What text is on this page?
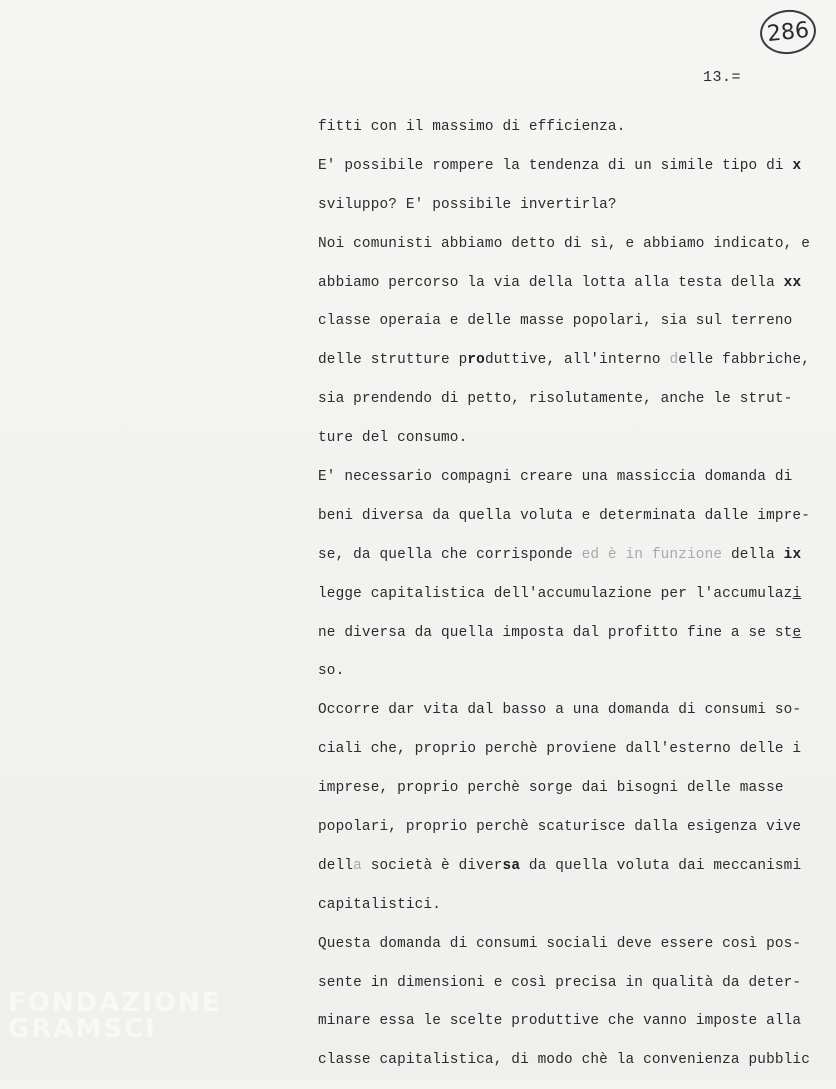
286
13.=
fitti con il massimo di efficienza.
E' possibile rompere la tendenza di un simile tipo di x
sviluppo? E' possibile invertirla?
Noi comunisti abbiamo detto di sì, e abbiamo indicato, e
abbiamo percorso la via della lotta alla testa della xx
classe operaia e delle masse popolari, sia sul terreno
delle strutture produttive, all'interno delle fabbriche,
sia prendendo di petto, risolutamente, anche le strut-
ture del consumo.
E' necessario compagni creare una massiccia domanda di
beni diversa da quella voluta e determinata dalle impre-
se, da quella che corrisponde ed è in funzione della ix
legge capitalistica dell'accumulazione per l'accumulazi
ne diversa da quella imposta dal profitto fine a se ste
so.
Occorre dar vita dal basso a una domanda di consumi so-
ciali che, proprio perchè proviene dall'esterno delle i
imprese, proprio perchè sorge dai bisogni delle masse
popolari, proprio perchè scaturisce dalla esigenza vive
della società è diversa da quella voluta dai meccanismi
capitalistici.
Questa domanda di consumi sociali deve essere così pos-
sente in dimensioni e così precisa in qualità da deter-
minare essa le scelte produttive che vanno imposte alla
classe capitalistica, di modo chè la convenienza pubblic
FONDAZIONE
GRAMSCI
